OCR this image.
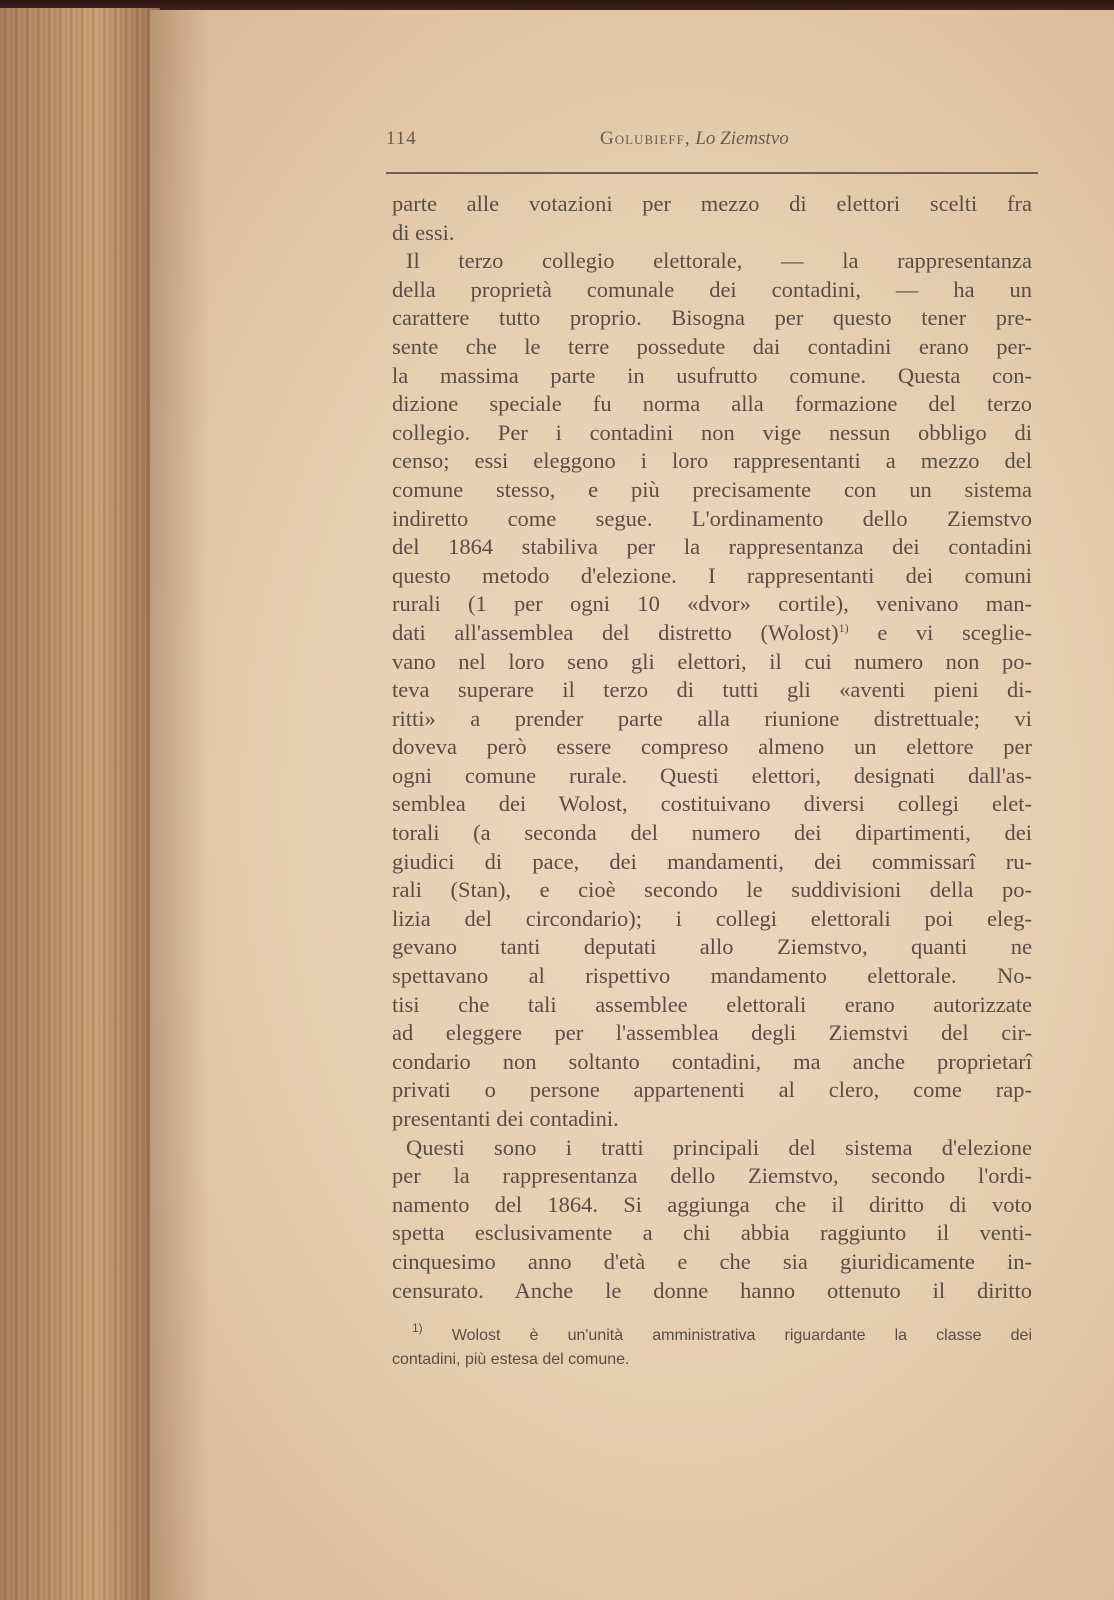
114	Golubieff, Lo Ziemstvo
parte alle votazioni per mezzo di elettori scelti fra
di essi.
Il terzo collegio elettorale, — la rappresentanza
della proprietà comunale dei contadini, — ha un
carattere tutto proprio. Bisogna per questo tener pre-
sente che le terre possedute dai contadini erano per-
la massima parte in usufrutto comune. Questa con-
dizione speciale fu norma alla formazione del terzo
collegio. Per i contadini non vige nessun obbligo di
censo; essi eleggono i loro rappresentanti a mezzo del
comune stesso, e più precisamente con un sistema
indiretto come segue. L'ordinamento dello Ziemstvo
del 1864 stabiliva per la rappresentanza dei contadini
questo metodo d'elezione. I rappresentanti dei comuni
rurali (1 per ogni 10 «dvor» cortile), venivano man-
dati all'assemblea del distretto (Wolost)$^{1)}$ e vi sceglie-
vano nel loro seno gli elettori, il cui numero non po-
teva superare il terzo di tutti gli «aventi pieni di-
ritti» a prender parte alla riunione distrettuale; vi
doveva però essere compreso almeno un elettore per
ogni comune rurale. Questi elettori, designati dall'as-
semblea dei Wolost, costituivano diversi collegi elet-
torali (a seconda del numero dei dipartimenti, dei
giudici di pace, dei mandamenti, dei commissarî ru-
rali (Stan), e cioè secondo le suddivisioni della po-
lizia del circondario); i collegi elettorali poi eleg-
gevano tanti deputati allo Ziemstvo, quanti ne
spettavano al rispettivo mandamento elettorale. No-
tisi che tali assemblee elettorali erano autorizzate
ad eleggere per l'assemblea degli Ziemstvi del cir-
condario non soltanto contadini, ma anche proprietarî
privati o persone appartenenti al clero, come rap-
presentanti dei contadini.
Questi sono i tratti principali del sistema d'elezione
per la rappresentanza dello Ziemstvo, secondo l'ordi-
namento del 1864. Si aggiunga che il diritto di voto
spetta esclusivamente a chi abbia raggiunto il venti-
cinquesimo anno d'età e che sia giuridicamente in-
censurato. Anche le donne hanno ottenuto il diritto
$^{1)}$ Wolost è un'unità amministrativa riguardante la classe dei
contadini, più estesa del comune.
